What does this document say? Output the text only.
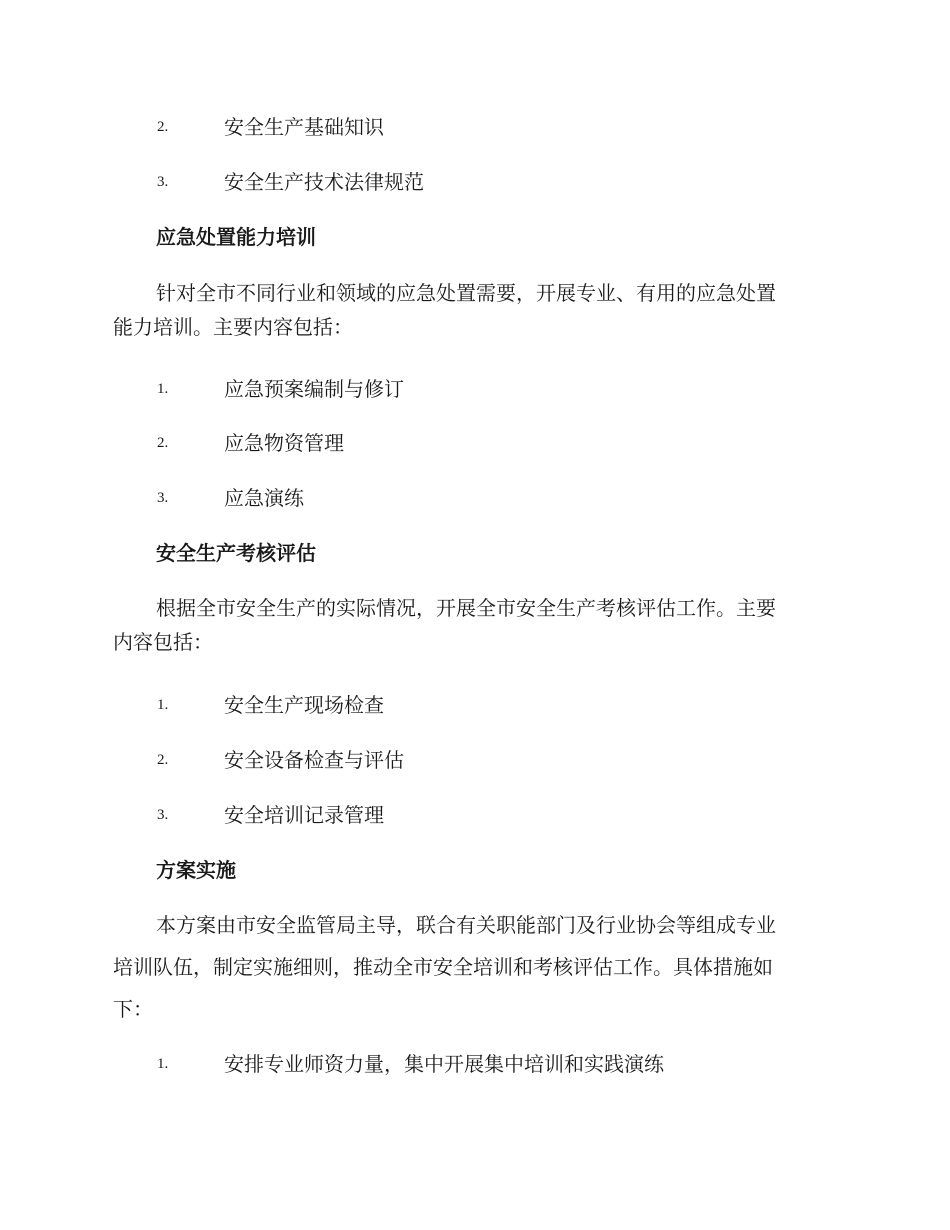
2.	安全生产基础知识
3.	安全生产技术法律规范
应急处置能力培训
针对全市不同行业和领域的应急处置需要，开展专业、有用的应急处置
能力培训。主要内容包括：
1.	应急预案编制与修订
2.	应急物资管理
3.	应急演练
安全生产考核评估
根据全市安全生产的实际情况，开展全市安全生产考核评估工作。主要
内容包括：
1.	安全生产现场检查
2.	安全设备检查与评估
3.	安全培训记录管理
方案实施
本方案由市安全监管局主导，联合有关职能部门及行业协会等组成专业
培训队伍，制定实施细则，推动全市安全培训和考核评估工作。具体措施如
下：
1.	安排专业师资力量，集中开展集中培训和实践演练
